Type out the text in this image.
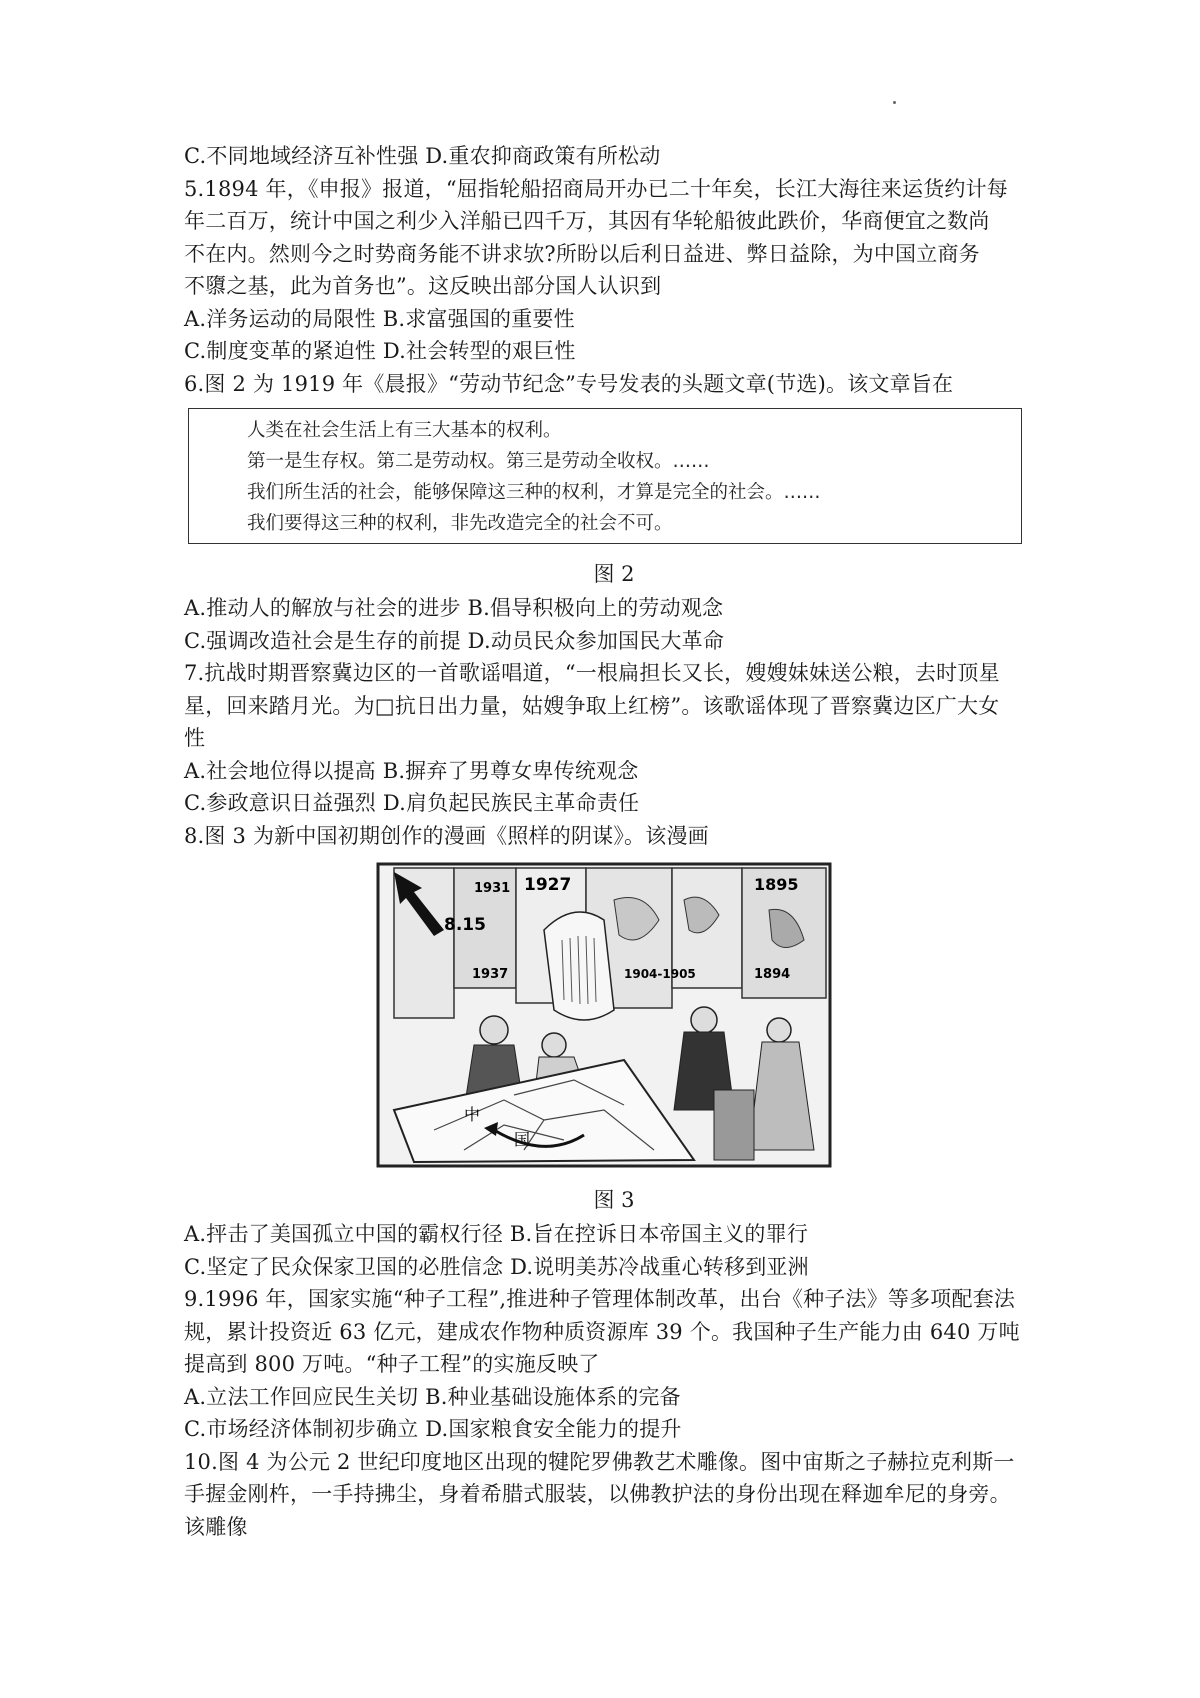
C.不同地域经济互补性强 D.重农抑商政策有所松动
5.1894 年，《申报》报道，“屈指轮船招商局开办已二十年矣，长江大海往来运货约计每
年二百万，统计中国之利少入洋船已四千万，其因有华轮船彼此跌价，华商便宜之数尚
不在内。然则今之时势商务能不讲求欤?所盼以后利日益进、弊日益除，为中国立商务
不隳之基，此为首务也”。这反映出部分国人认识到
A.洋务运动的局限性 B.求富强国的重要性
C.制度变革的紧迫性 D.社会转型的艰巨性
6.图 2 为 1919 年《晨报》“劳动节纪念”专号发表的头题文章(节选)。该文章旨在
人类在社会生活上有三大基本的权利。
第一是生存权。第二是劳动权。第三是劳动全收权。……
我们所生活的社会，能够保障这三种的权利，才算是完全的社会。……
我们要得这三种的权利，非先改造完全的社会不可。
图 2
A.推动人的解放与社会的进步 B.倡导积极向上的劳动观念
C.强调改造社会是生存的前提 D.动员民众参加国民大革命
7.抗战时期晋察冀边区的一首歌谣唱道，“一根扁担长又长，嫂嫂妹妹送公粮，去时顶星
星，回来踏月光。为□抗日出力量，姑嫂争取上红榜”。该歌谣体现了晋察冀边区广大女
性
A.社会地位得以提高 B.摒弃了男尊女卑传统观念
C.参政意识日益强烈 D.肩负起民族民主革命责任
8.图 3 为新中国初期创作的漫画《照样的阴谋》。该漫画
1931 1927	1895
8.15
1937	1904-1905	1894
中
国
图 3
A.抨击了美国孤立中国的霸权行径 B.旨在控诉日本帝国主义的罪行
C.坚定了民众保家卫国的必胜信念 D.说明美苏冷战重心转移到亚洲
9.1996 年，国家实施“种子工程”,推进种子管理体制改革，出台《种子法》等多项配套法
规，累计投资近 63 亿元，建成农作物种质资源库 39 个。我国种子生产能力由 640 万吨
提高到 800 万吨。“种子工程”的实施反映了
A.立法工作回应民生关切 B.种业基础设施体系的完备
C.市场经济体制初步确立 D.国家粮食安全能力的提升
10.图 4 为公元 2 世纪印度地区出现的犍陀罗佛教艺术雕像。图中宙斯之子赫拉克利斯一
手握金刚杵，一手持拂尘，身着希腊式服装，以佛教护法的身份出现在释迦牟尼的身旁。
该雕像
